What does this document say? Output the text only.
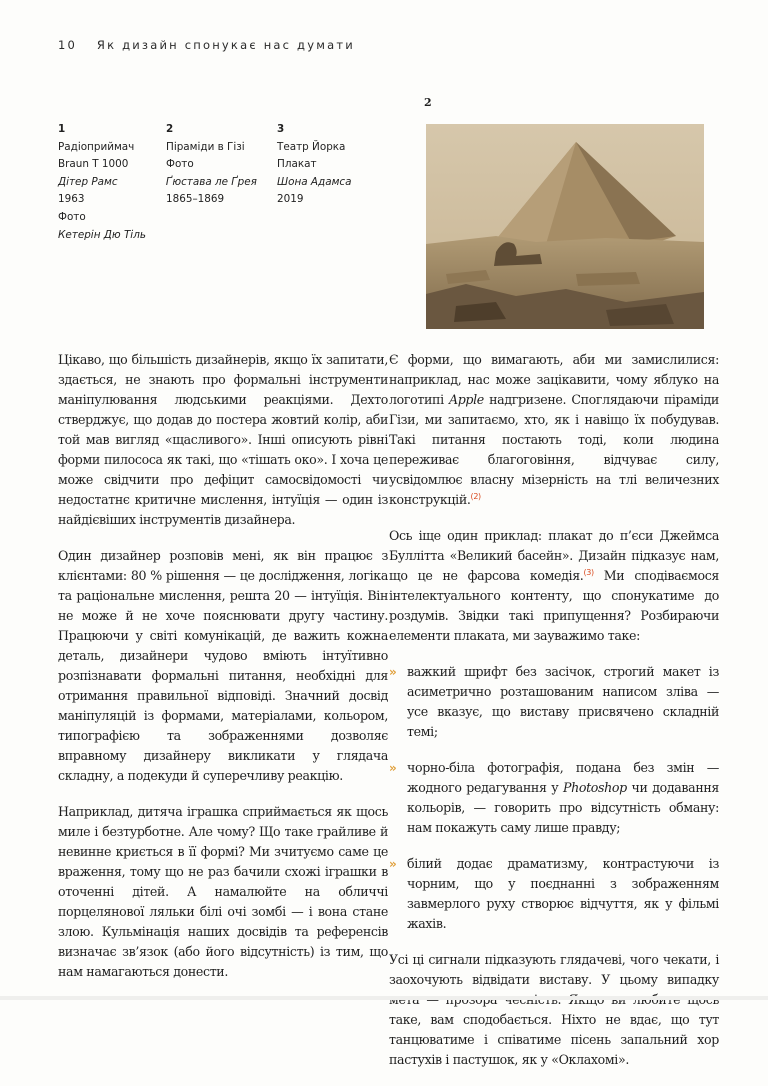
10 Як дизайн спонукає нас думати
1
Радіоприймач
Braun T 1000
Дітер Рамс
1963
Фото
Кетерін Дю Тіль
2
Піраміди в Гізі
Фото
Ґюстава ле Ґрея
1865–1869
3
Театр Йорка
Плакат
Шона Адамса
2019
2

Цікаво, що більшість дизайнерів, якщо їх запитати, здається, не знають про формальні інструменти маніпулювання людськими реакціями. Дехто стверджує, що додав до постера жовтий колір, аби той мав вигляд «щасливого». Інші описують рівні форми пилососа як такі, що «тішать око». І хоча це може свідчити про дефіцит самосвідомості чи недостатнє критичне мислення, інтуїція — один із найдієвіших інструментів дизайнера.

Один дизайнер розповів мені, як він працює з клієнтами: 80 % рішення — це дослідження, логіка та раціональне мислення, решта 20 — інтуїція. Він не може й не хоче пояснювати другу частину. Працюючи у світі комунікацій, де важить кожна деталь, дизайнери чудово вміють інтуїтивно розпізнавати формальні питання, необхідні для отримання правильної відповіді. Значний досвід маніпуляцій із формами, матеріалами, кольором, типографією та зображеннями дозволяє вправному дизайнеру викликати у глядача складну, а подекуди й суперечливу реакцію.

Наприклад, дитяча іграшка сприймається як щось миле і безтурботне. Але чому? Що таке грайливе й невинне криється в її формі? Ми зчитуємо саме це враження, тому що не раз бачили схожі іграшки в оточенні дітей. А намалюйте на обличчі порцелянової ляльки білі очі зомбі — і вона стане злою. Кульмінація наших досвідів та референсів визначає зв’язок (або його відсутність) із тим, що нам намагаються донести.

Є форми, що вимагають, аби ми замислилися: наприклад, нас може зацікавити, чому яблуко на логотипі Apple надгризене. Споглядаючи піраміди Гізи, ми запитаємо, хто, як і навіщо їх побудував. Такі питання постають тоді, коли людина переживає благоговіння, відчуває силу, усвідомлює власну мізерність на тлі величезних конструкцій.$^{(2)}$

Ось іще один приклад: плакат до п’єси Джеймса Буллітта «Великий басейн». Дизайн підказує нам, що це не фарсова комедія.$^{(3)}$ Ми сподіваємося інтелектуального контенту, що спонукатиме до роздумів. Звідки такі припущення? Розбираючи елементи плаката, ми зауважимо таке:

» важкий шрифт без засічок, строгий макет із асиметрично розташованим написом зліва — усе вказує, що виставу присвячено складній темі;
» чорно-біла фотографія, подана без змін — жодного редагування у Photoshop чи додавання кольорів, — говорить про відсутність обману: нам покажуть саму лише правду;
» білий додає драматизму, контрастуючи із чорним, що у поєднанні з зображенням завмерлого руху створює відчуття, як у фільмі жахів.

Усі ці сигнали підказують глядачеві, чого чекати, і заохочують відвідати виставу. У цьому випадку таке, вам сподобається. Ніхто не вдає, що тут танцюватиме і співатиме пісень запальний хор пастухів і пастушок, як у «Оклахомі».
